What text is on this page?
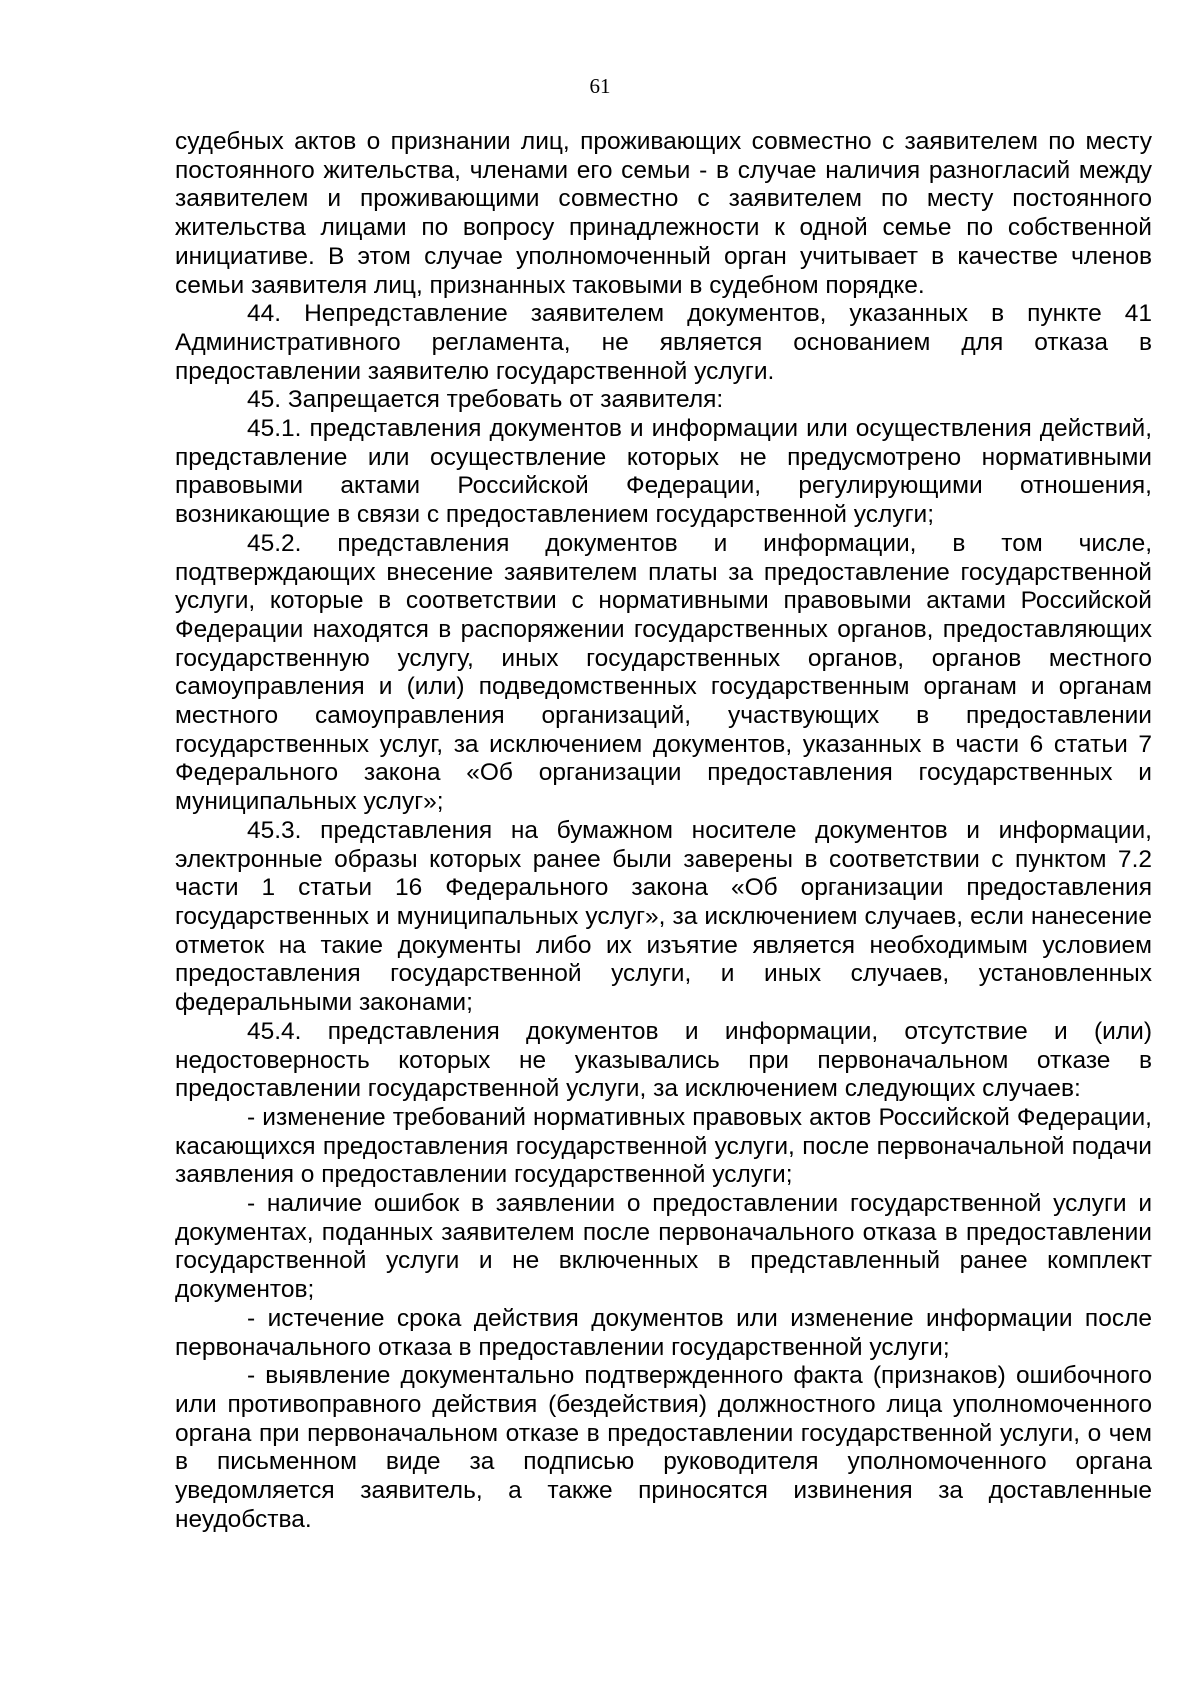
61

судебных актов о признании лиц, проживающих совместно с заявителем по месту постоянного жительства, членами его семьи - в случае наличия разногласий между заявителем и проживающими совместно с заявителем по месту постоянного жительства лицами по вопросу принадлежности к одной семье по собственной инициативе. В этом случае уполномоченный орган учитывает в качестве членов семьи заявителя лиц, признанных таковыми в судебном порядке.

44. Непредставление заявителем документов, указанных в пункте 41 Административного регламента, не является основанием для отказа в предоставлении заявителю государственной услуги.

45. Запрещается требовать от заявителя:

45.1. представления документов и информации или осуществления действий, представление или осуществление которых не предусмотрено нормативными правовыми актами Российской Федерации, регулирующими отношения, возникающие в связи с предоставлением государственной услуги;

45.2. представления документов и информации, в том числе, подтверждающих внесение заявителем платы за предоставление государственной услуги, которые в соответствии с нормативными правовыми актами Российской Федерации находятся в распоряжении государственных органов, предоставляющих государственную услугу, иных государственных органов, органов местного самоуправления и (или) подведомственных государственным органам и органам местного самоуправления организаций, участвующих в предоставлении государственных услуг, за исключением документов, указанных в части 6 статьи 7 Федерального закона «Об организации предоставления государственных и муниципальных услуг»;

45.3. представления на бумажном носителе документов и информации, электронные образы которых ранее были заверены в соответствии с пунктом 7.2 части 1 статьи 16 Федерального закона «Об организации предоставления государственных и муниципальных услуг», за исключением случаев, если нанесение отметок на такие документы либо их изъятие является необходимым условием предоставления государственной услуги, и иных случаев, установленных федеральными законами;

45.4. представления документов и информации, отсутствие и (или) недостоверность которых не указывались при первоначальном отказе в предоставлении государственной услуги, за исключением следующих случаев:

- изменение требований нормативных правовых актов Российской Федерации, касающихся предоставления государственной услуги, после первоначальной подачи заявления о предоставлении государственной услуги;

- наличие ошибок в заявлении о предоставлении государственной услуги и документах, поданных заявителем после первоначального отказа в предоставлении государственной услуги и не включенных в представленный ранее комплект документов;

- истечение срока действия документов или изменение информации после первоначального отказа в предоставлении государственной услуги;

- выявление документально подтвержденного факта (признаков) ошибочного или противоправного действия (бездействия) должностного лица уполномоченного органа при первоначальном отказе в предоставлении государственной услуги, о чем в письменном виде за подписью руководителя уполномоченного органа уведомляется заявитель, а также приносятся извинения за доставленные неудобства.
